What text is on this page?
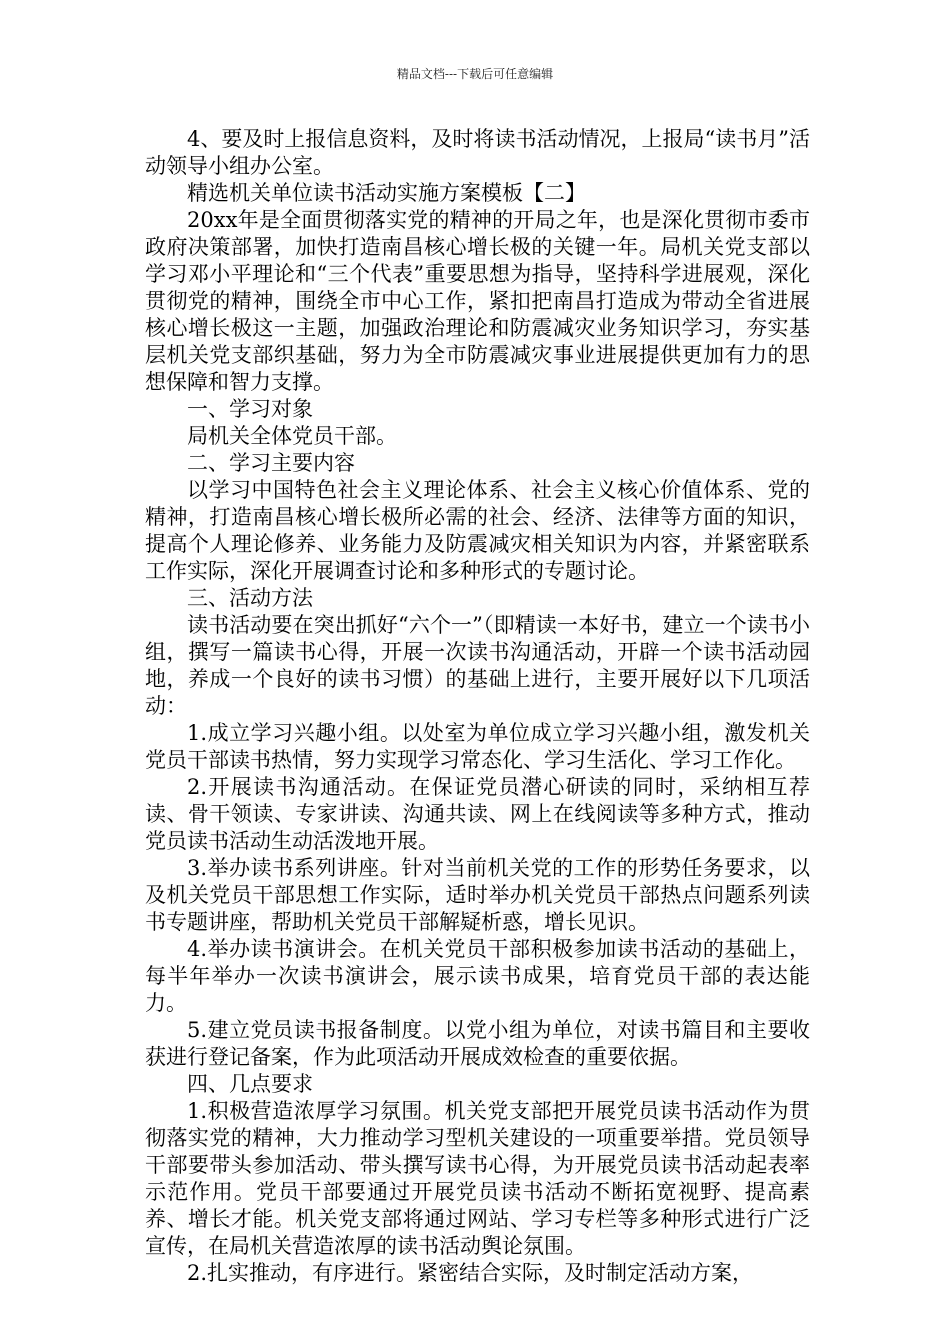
精品文档---下载后可任意编辑

4、要及时上报信息资料，及时将读书活动情况，上报局“读书月”活动领导小组办公室。

精选机关单位读书活动实施方案模板【二】

20xx年是全面贯彻落实党的精神的开局之年，也是深化贯彻市委市政府决策部署，加快打造南昌核心增长极的关键一年。局机关党支部以学习邓小平理论和“三个代表”重要思想为指导，坚持科学进展观，深化贯彻党的精神，围绕全市中心工作，紧扣把南昌打造成为带动全省进展核心增长极这一主题，加强政治理论和防震减灾业务知识学习，夯实基层机关党支部织基础，努力为全市防震减灾事业进展提供更加有力的思想保障和智力支撑。

一、学习对象

局机关全体党员干部。

二、学习主要内容

以学习中国特色社会主义理论体系、社会主义核心价值体系、党的精神，打造南昌核心增长极所必需的社会、经济、法律等方面的知识，提高个人理论修养、业务能力及防震减灾相关知识为内容，并紧密联系工作实际，深化开展调查讨论和多种形式的专题讨论。

三、活动方法

读书活动要在突出抓好“六个一”（即精读一本好书，建立一个读书小组，撰写一篇读书心得，开展一次读书沟通活动，开辟一个读书活动园地，养成一个良好的读书习惯）的基础上进行，主要开展好以下几项活动：

1.成立学习兴趣小组。以处室为单位成立学习兴趣小组，激发机关党员干部读书热情，努力实现学习常态化、学习生活化、学习工作化。

2.开展读书沟通活动。在保证党员潜心研读的同时，采纳相互荐读、骨干领读、专家讲读、沟通共读、网上在线阅读等多种方式，推动党员读书活动生动活泼地开展。

3.举办读书系列讲座。针对当前机关党的工作的形势任务要求，以及机关党员干部思想工作实际，适时举办机关党员干部热点问题系列读书专题讲座，帮助机关党员干部解疑析惑，增长见识。

4.举办读书演讲会。在机关党员干部积极参加读书活动的基础上，每半年举办一次读书演讲会，展示读书成果，培育党员干部的表达能力。

5.建立党员读书报备制度。以党小组为单位，对读书篇目和主要收获进行登记备案，作为此项活动开展成效检查的重要依据。

四、几点要求

1.积极营造浓厚学习氛围。机关党支部把开展党员读书活动作为贯彻落实党的精神，大力推动学习型机关建设的一项重要举措。党员领导干部要带头参加活动、带头撰写读书心得，为开展党员读书活动起表率示范作用。党员干部要通过开展党员读书活动不断拓宽视野、提高素养、增长才能。机关党支部将通过网站、学习专栏等多种形式进行广泛宣传，在局机关营造浓厚的读书活动舆论氛围。

2.扎实推动，有序进行。紧密结合实际，及时制定活动方案，
